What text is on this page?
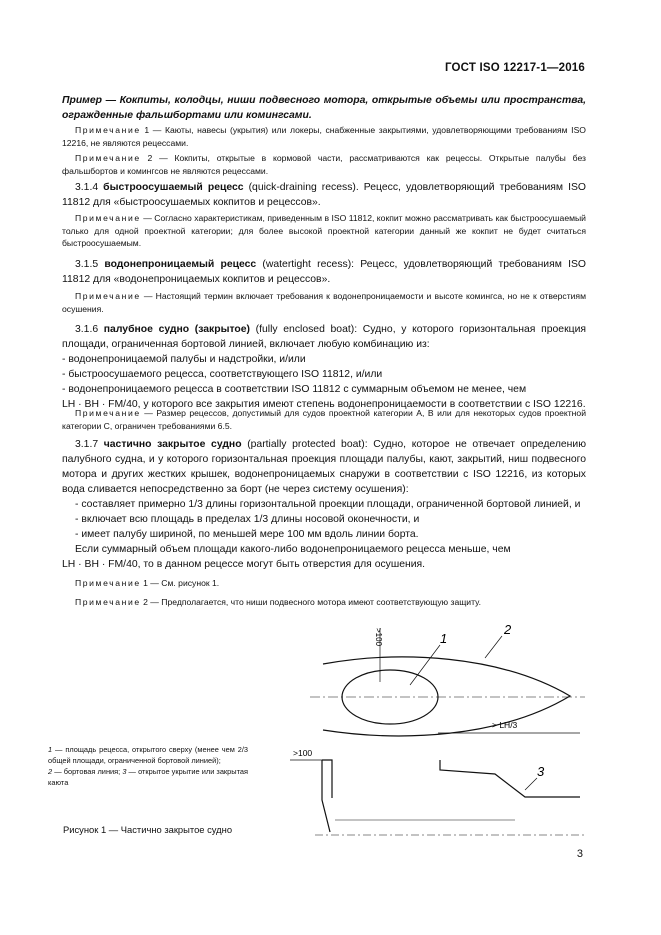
ГОСТ ISO 12217-1—2016
Пример — Кокпиты, колодцы, ниши подвесного мотора, открытые объемы или пространства, огражденные фальшбортами или комингсами.
Примечание 1 — Каюты, навесы (укрытия) или локеры, снабженные закрытиями, удовлетворяющими требованиям ISO 12216, не являются рецессами.
Примечание 2 — Кокпиты, открытые в кормовой части, рассматриваются как рецессы. Открытые палубы без фальшбортов и комингсов не являются рецессами.
3.1.4 быстроосушаемый рецесс (quick-draining recess). Рецесс, удовлетворяющий требованиям ISO 11812 для «быстроосушаемых кокпитов и рецессов».
Примечание — Согласно характеристикам, приведенным в ISO 11812, кокпит можно рассматривать как быстроосушаемый только для одной проектной категории; для более высокой проектной категории данный же кокпит не будет считаться быстроосушаемым.
3.1.5 водонепроницаемый рецесс (watertight recess): Рецесс, удовлетворяющий требованиям ISO 11812 для «водонепроницаемых кокпитов и рецессов».
Примечание — Настоящий термин включает требования к водонепроницаемости и высоте комингса, но не к отверстиям осушения.
3.1.6 палубное судно (закрытое) (fully enclosed boat): Судно, у которого горизонтальная проекция площади, ограниченная бортовой линией, включает любую комбинацию из:
- водонепроницаемой палубы и надстройки, и/или
- быстроосушаемого рецесса, соответствующего ISO 11812, и/или
- водонепроницаемого рецесса в соответствии ISO 11812 с суммарным объемом не менее, чем
LH · BH · FM/40, у которого все закрытия имеют степень водонепроницаемости в соответствии с ISO 12216.
Примечание — Размер рецессов, допустимый для судов проектной категории A, B или для некоторых судов проектной категории C, ограничен требованиями 6.5.
3.1.7 частично закрытое судно (partially protected boat): Судно, которое не отвечает определению палубного судна, и у которого горизонтальная проекция площади палубы, кают, закрытий, ниш подвесного мотора и других жестких крышек, водонепроницаемых снаружи в соответствии с ISO 12216, из которых вода сливается непосредственно за борт (не через систему осушения):
- составляет примерно 1/3 длины горизонтальной проекции площади, ограниченной бортовой линией, и
- включает всю площадь в пределах 1/3 длины носовой оконечности, и
- имеет палубу шириной, по меньшей мере 100 мм вдоль линии борта.
Если суммарный объем площади какого-либо водонепроницаемого рецесса меньше, чем
LH · BH · FM/40, то в данном рецессе могут быть отверстия для осушения.
Примечание 1 — См. рисунок 1.
Примечание 2 — Предполагается, что ниши подвесного мотора имеют соответствующую защиту.
1
2
3
>100
>100
> LH/3
1 — площадь рецесса, открытого сверху (менее чем 2/3 общей площади, ограниченной бортовой линией);
2 — бортовая линия; 3 — открытое укрытие или закрытая каюта
Рисунок 1 — Частично закрытое судно
3
